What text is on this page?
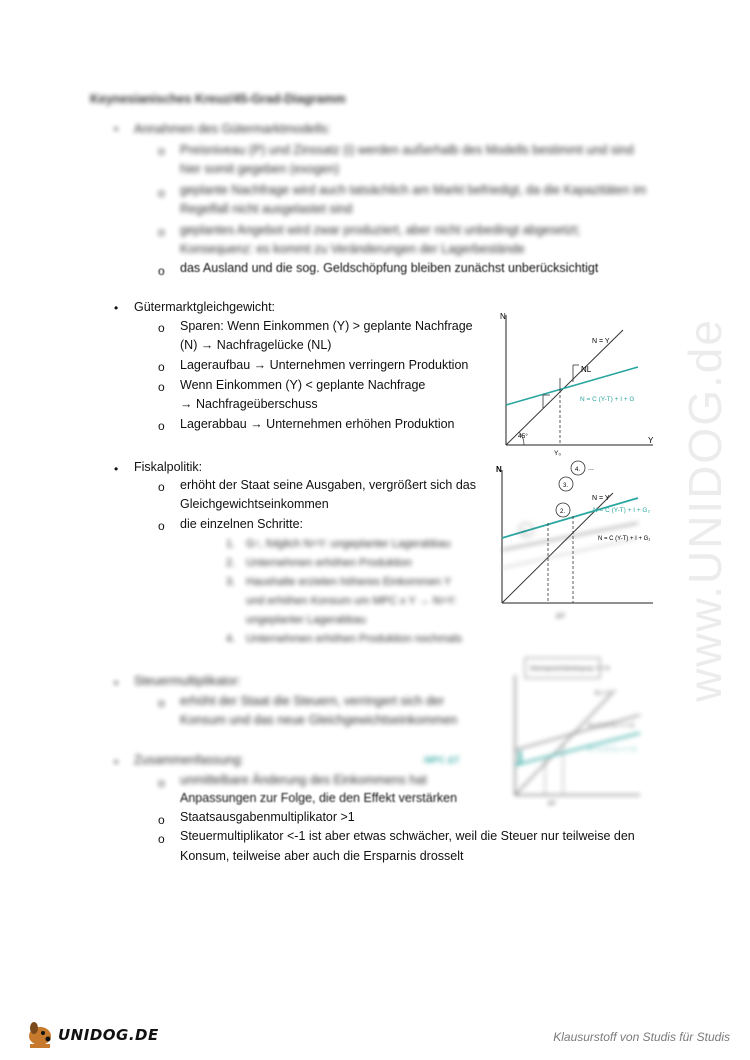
www.UNIDOG.de
Keynesianisches Kreuz/45-Grad-Diagramm
• Annahmen des Gütermarktmodells:
o Preisniveau (P) und Zinssatz (i) werden außerhalb des Modells bestimmt und sind
hier somit gegeben (exogen)
o geplante Nachfrage wird auch tatsächlich am Markt befriedigt, da die Kapazitäten im
Regelfall nicht ausgelastet sind
o geplantes Angebot wird zwar produziert, aber nicht unbedingt abgesetzt;
Konsequenz: es kommt zu Veränderungen der Lagerbestände
o das Ausland und die sog. Geldschöpfung bleiben zunächst unberücksichtigt
• Gütermarktgleichgewicht:
o Sparen: Wenn Einkommen (Y) > geplante Nachfrage
(N) → Nachfragelücke (NL)
o Lageraufbau → Unternehmen verringern Produktion
o Wenn Einkommen (Y) < geplante Nachfrage
→ Nachfrageüberschuss
o Lagerabbau → Unternehmen erhöhen Produktion
N
Y
N = Y
N = C (Y-T) + I + G
NL
45°
Y₀
• Fiskalpolitik:
o erhöht der Staat seine Ausgaben, vergrößert sich das
Gleichgewichtseinkommen
o die einzelnen Schritte:
1. G↑, folglich N>Y: ungeplanter Lagerabbau
2. Unternehmen erhöhen Produktion
3. Haushalte erzielen höheres Einkommen Y
und erhöhen Konsum um MPC x Y → N>Y:
ungeplanter Lagerabbau
4. Unternehmen erhöhen Produktion nochmals
N
N = Y
N = C (Y-T) + I + G₂
N = C (Y-T) + I + G₁
1.
2.
3.
4. ...
ΔY
• Steuermultiplikator:
o erhöht der Staat die Steuern, verringert sich der
Konsum und das neue Gleichgewichtseinkommen
Gleichgewichtsbedingung: Y = N
N = Y
N = C (Y-T) + I + G
N = C (Y-T₂) + I + G
-MPC ΔT
ΔY
• Zusammenfassung:
o unmittelbare Änderung des Einkommens hat
Anpassungen zur Folge, die den Effekt verstärken
o Staatsausgabenmultiplikator >1
o Steuermultiplikator <-1 ist aber etwas schwächer, weil die Steuer nur teilweise den
Konsum, teilweise aber auch die Ersparnis drosselt
UNIDOG.DE	Klausurstoff von Studis für Studis
